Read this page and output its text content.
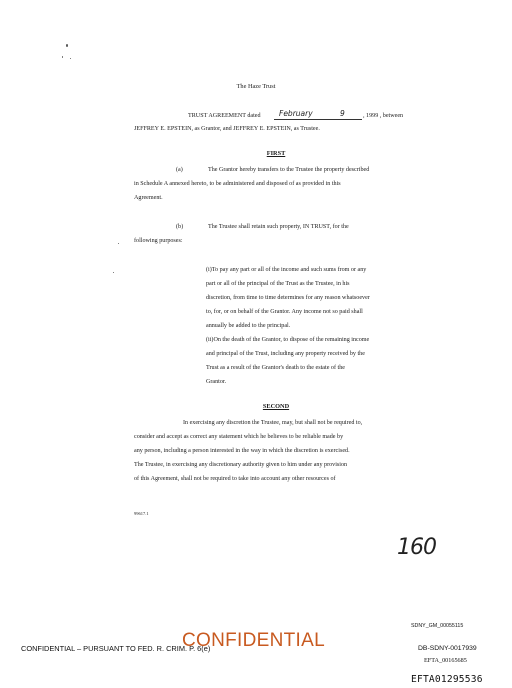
The Haze Trust
TRUST AGREEMENT dated February	9	, 1999 , between
JEFFREY E. EPSTEIN, as Grantor, and JEFFREY E. EPSTEIN, as Trustee.
FIRST
(a)	The Grantor hereby transfers to the Trustee the property described
in Schedule A annexed hereto, to be administered and disposed of as provided in this
Agreement.
(b)	The Trustee shall retain such property, IN TRUST, for the
following purposes:
(i)To pay any part or all of the income and such sums from or any
part or all of the principal of the Trust as the Trustee, in his
discretion, from time to time determines for any reason whatsoever
to, for, or on behalf of the Grantor. Any income not so paid shall
annually be added to the principal.
(ii)On the death of the Grantor, to dispose of the remaining income
and principal of the Trust, including any property received by the
Trust as a result of the Grantor's death to the estate of the
Grantor.
SECOND
In exercising any discretion the Trustee, may, but shall not be required to,
consider and accept as correct any statement which he believes to be reliable made by
any person, including a person interested in the way in which the discretion is exercised.
The Trustee, in exercising any discretionary authority given to him under any provision
of this Agreement, shall not be required to take into account any other resources of
99617.1
160
SDNY_GM_00055115
CONFIDENTIAL – PURSUANT TO FED. R. CRIM. P. 6(e)
CONFIDENTIAL	DB-SDNY-0017939
EFTA_00165685
EFTA01295536
